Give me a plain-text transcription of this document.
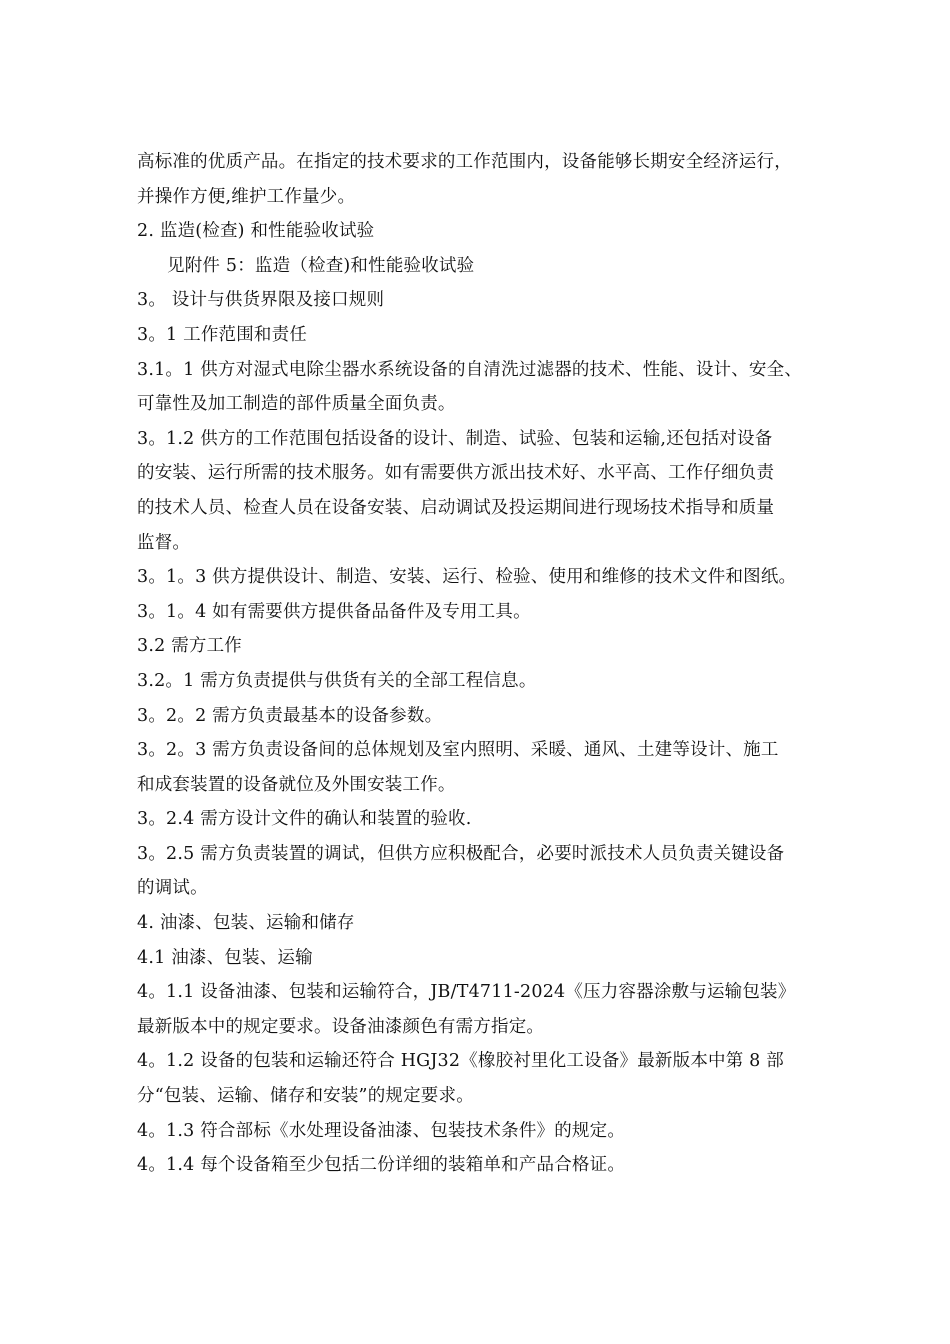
高标准的优质产品。在指定的技术要求的工作范围内，设备能够长期安全经济运行，
并操作方便,维护工作量少。
2. 监造(检查) 和性能验收试验
见附件 5：监造（检查)和性能验收试验
3。 设计与供货界限及接口规则
3。1 工作范围和责任
3.1。1 供方对湿式电除尘器水系统设备的自清洗过滤器的技术、性能、设计、安全、
可靠性及加工制造的部件质量全面负责。
3。1.2 供方的工作范围包括设备的设计、制造、试验、包装和运输,还包括对设备
的安装、运行所需的技术服务。如有需要供方派出技术好、水平高、工作仔细负责
的技术人员、检查人员在设备安装、启动调试及投运期间进行现场技术指导和质量
监督。
3。1。3 供方提供设计、制造、安装、运行、检验、使用和维修的技术文件和图纸。
3。1。4 如有需要供方提供备品备件及专用工具。
3.2 需方工作
3.2。1 需方负责提供与供货有关的全部工程信息。
3。2。2 需方负责最基本的设备参数。
3。2。3 需方负责设备间的总体规划及室内照明、采暖、通风、土建等设计、施工
和成套装置的设备就位及外围安装工作。
3。2.4 需方设计文件的确认和装置的验收.
3。2.5 需方负责装置的调试，但供方应积极配合，必要时派技术人员负责关键设备
的调试。
4. 油漆、包装、运输和储存
4.1 油漆、包装、运输
4。1.1 设备油漆、包装和运输符合，JB/T4711-2024《压力容器涂敷与运输包装》
最新版本中的规定要求。设备油漆颜色有需方指定。
4。1.2 设备的包装和运输还符合 HGJ32《橡胶衬里化工设备》最新版本中第 8 部
分“包装、运输、储存和安装”的规定要求。
4。1.3 符合部标《水处理设备油漆、包装技术条件》的规定。
4。1.4 每个设备箱至少包括二份详细的装箱单和产品合格证。
